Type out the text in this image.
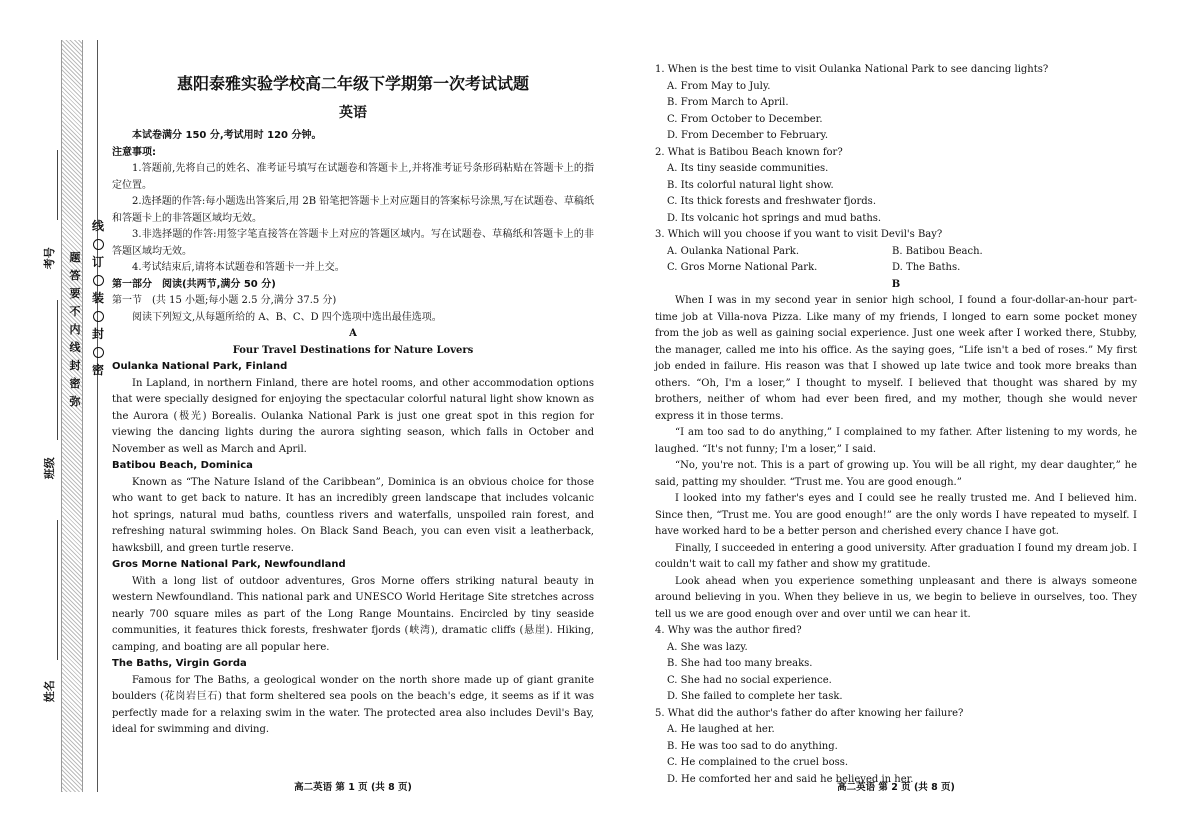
考号
班级
姓名
线
订
装
封
密
惠阳泰雅实验学校高二年级下学期第一次考试试题
英语

本试卷满分 150 分,考试用时 120 分钟。

注意事项:

1.答题前,先将自己的姓名、准考证号填写在试题卷和答题卡上,并将准考证号条形码粘贴在答题卡上的指定位置。

2.选择题的作答:每小题选出答案后,用 2B 铅笔把答题卡上对应题目的答案标号涂黑,写在试题卷、草稿纸和答题卡上的非答题区域均无效。

3.非选择题的作答:用签字笔直接答在答题卡上对应的答题区域内。写在试题卷、草稿纸和答题卡上的非答题区域均无效。

4.考试结束后,请将本试题卷和答题卡一并上交。

第一部分　阅读(共两节,满分 50 分)

第一节　(共 15 小题;每小题 2.5 分,满分 37.5 分)

阅读下列短文,从每题所给的 A、B、C、D 四个选项中选出最佳选项。

A

Four Travel Destinations for Nature Lovers

Oulanka National Park, Finland

In Lapland, in northern Finland, there are hotel rooms, and other accommodation options that were specially designed for enjoying the spectacular colorful natural light show known as the Aurora (极光) Borealis. Oulanka National Park is just one great spot in this region for viewing the dancing lights during the aurora sighting season, which falls in October and November as well as March and April.

Batibou Beach, Dominica

Known as “The Nature Island of the Caribbean”, Dominica is an obvious choice for those who want to get back to nature. It has an incredibly green landscape that includes volcanic hot springs, natural mud baths, countless rivers and waterfalls, unspoiled rain forest, and refreshing natural swimming holes. On Black Sand Beach, you can even visit a leatherback, hawksbill, and green turtle reserve.

Gros Morne National Park, Newfoundland

With a long list of outdoor adventures, Gros Morne offers striking natural beauty in western Newfoundland. This national park and UNESCO World Heritage Site stretches across nearly 700 square miles as part of the Long Range Mountains. Encircled by tiny seaside communities, it features thick forests, freshwater fjords (峡湾), dramatic cliffs (悬崖). Hiking, camping, and boating are all popular here.

The Baths, Virgin Gorda

Famous for The Baths, a geological wonder on the north shore made up of giant granite boulders (花岗岩巨石) that form sheltered sea pools on the beach's edge, it seems as if it was perfectly made for a relaxing swim in the water. The protected area also includes Devil's Bay, ideal for swimming and diving.

高二英语 第 1 页 (共 8 页)

1. When is the best time to visit Oulanka National Park to see dancing lights?

A. From May to July.

B. From March to April.

C. From October to December.

D. From December to February.

2. What is Batibou Beach known for?

A. Its tiny seaside communities.

B. Its colorful natural light show.

C. Its thick forests and freshwater fjords.

D. Its volcanic hot springs and mud baths.

3. Which will you choose if you want to visit Devil's Bay?

A. Oulanka National Park.	B. Batibou Beach.
C. Gros Morne National Park.	D. The Baths.

B

When I was in my second year in senior high school, I found a four-dollar-an-hour part-time job at Villa-nova Pizza. Like many of my friends, I longed to earn some pocket money from the job as well as gaining social experience. Just one week after I worked there, Stubby, the manager, called me into his office. As the saying goes, “Life isn't a bed of roses.” My first job ended in failure. His reason was that I showed up late twice and took more breaks than others. “Oh, I'm a loser,” I thought to myself. I believed that thought was shared by my brothers, neither of whom had ever been fired, and my mother, though she would never express it in those terms.

“I am too sad to do anything,” I complained to my father. After listening to my words, he laughed. “It's not funny; I'm a loser,” I said.

“No, you're not. This is a part of growing up. You will be all right, my dear daughter,” he said, patting my shoulder. “Trust me. You are good enough.”

I looked into my father's eyes and I could see he really trusted me. And I believed him. Since then, “Trust me. You are good enough!” are the only words I have repeated to myself. I have worked hard to be a better person and cherished every chance I have got.

Finally, I succeeded in entering a good university. After graduation I found my dream job. I couldn't wait to call my father and show my gratitude.

Look ahead when you experience something unpleasant and there is always someone around believing in you. When they believe in us, we begin to believe in ourselves, too. They tell us we are good enough over and over until we can hear it.

4. Why was the author fired?

A. She was lazy.

B. She had too many breaks.

C. She had no social experience.

D. She failed to complete her task.

5. What did the author's father do after knowing her failure?

A. He laughed at her.

B. He was too sad to do anything.

C. He complained to the cruel boss.

D. He comforted her and said he believed in her.

高二英语 第 2 页 (共 8 页)
题
答
要
不
内
线
封
密
弥
